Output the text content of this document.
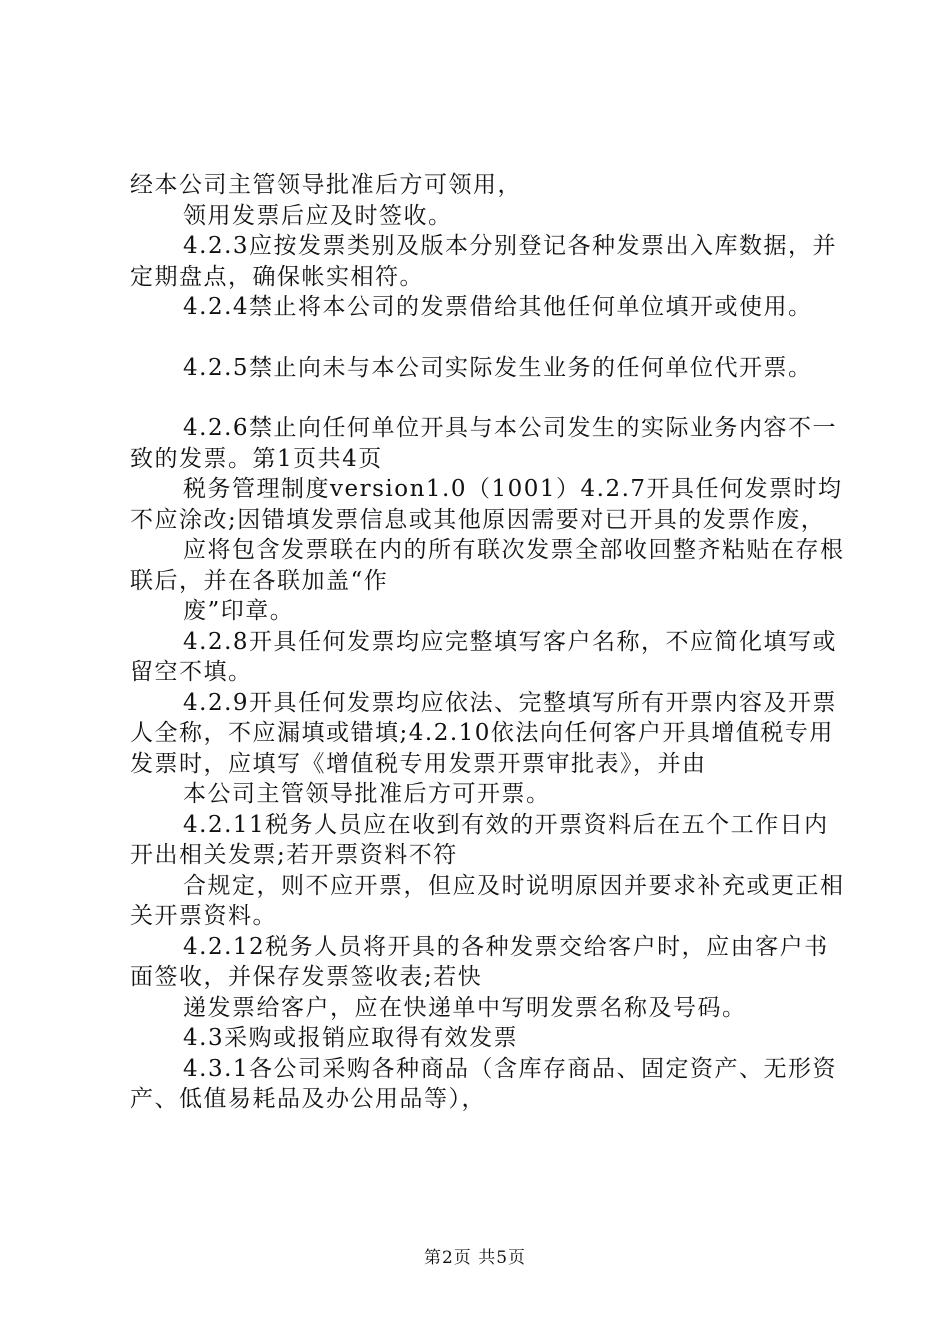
经本公司主管领导批准后方可领用，

领用发票后应及时签收。

4.2.3应按发票类别及版本分别登记各种发票出入库数据，并定期盘点，确保帐实相符。

4.2.4禁止将本公司的发票借给其他任何单位填开或使用。

4.2.5禁止向未与本公司实际发生业务的任何单位代开票。

4.2.6禁止向任何单位开具与本公司发生的实际业务内容不一致的发票。第1页共4页

税务管理制度version1.0（1001）4.2.7开具任何发票时均不应涂改;因错填发票信息或其他原因需要对已开具的发票作废，

应将包含发票联在内的所有联次发票全部收回整齐粘贴在存根联后，并在各联加盖“作

废”印章。

4.2.8开具任何发票均应完整填写客户名称，不应简化填写或留空不填。

4.2.9开具任何发票均应依法、完整填写所有开票内容及开票人全称，不应漏填或错填;4.2.10依法向任何客户开具增值税专用发票时，应填写《增值税专用发票开票审批表》，并由

本公司主管领导批准后方可开票。

4.2.11税务人员应在收到有效的开票资料后在五个工作日内开出相关发票;若开票资料不符

合规定，则不应开票，但应及时说明原因并要求补充或更正相关开票资料。

4.2.12税务人员将开具的各种发票交给客户时，应由客户书面签收，并保存发票签收表;若快

递发票给客户，应在快递单中写明发票名称及号码。

4.3采购或报销应取得有效发票

4.3.1各公司采购各种商品（含库存商品、固定资产、无形资产、低值易耗品及办公用品等），

第2页 共5页
